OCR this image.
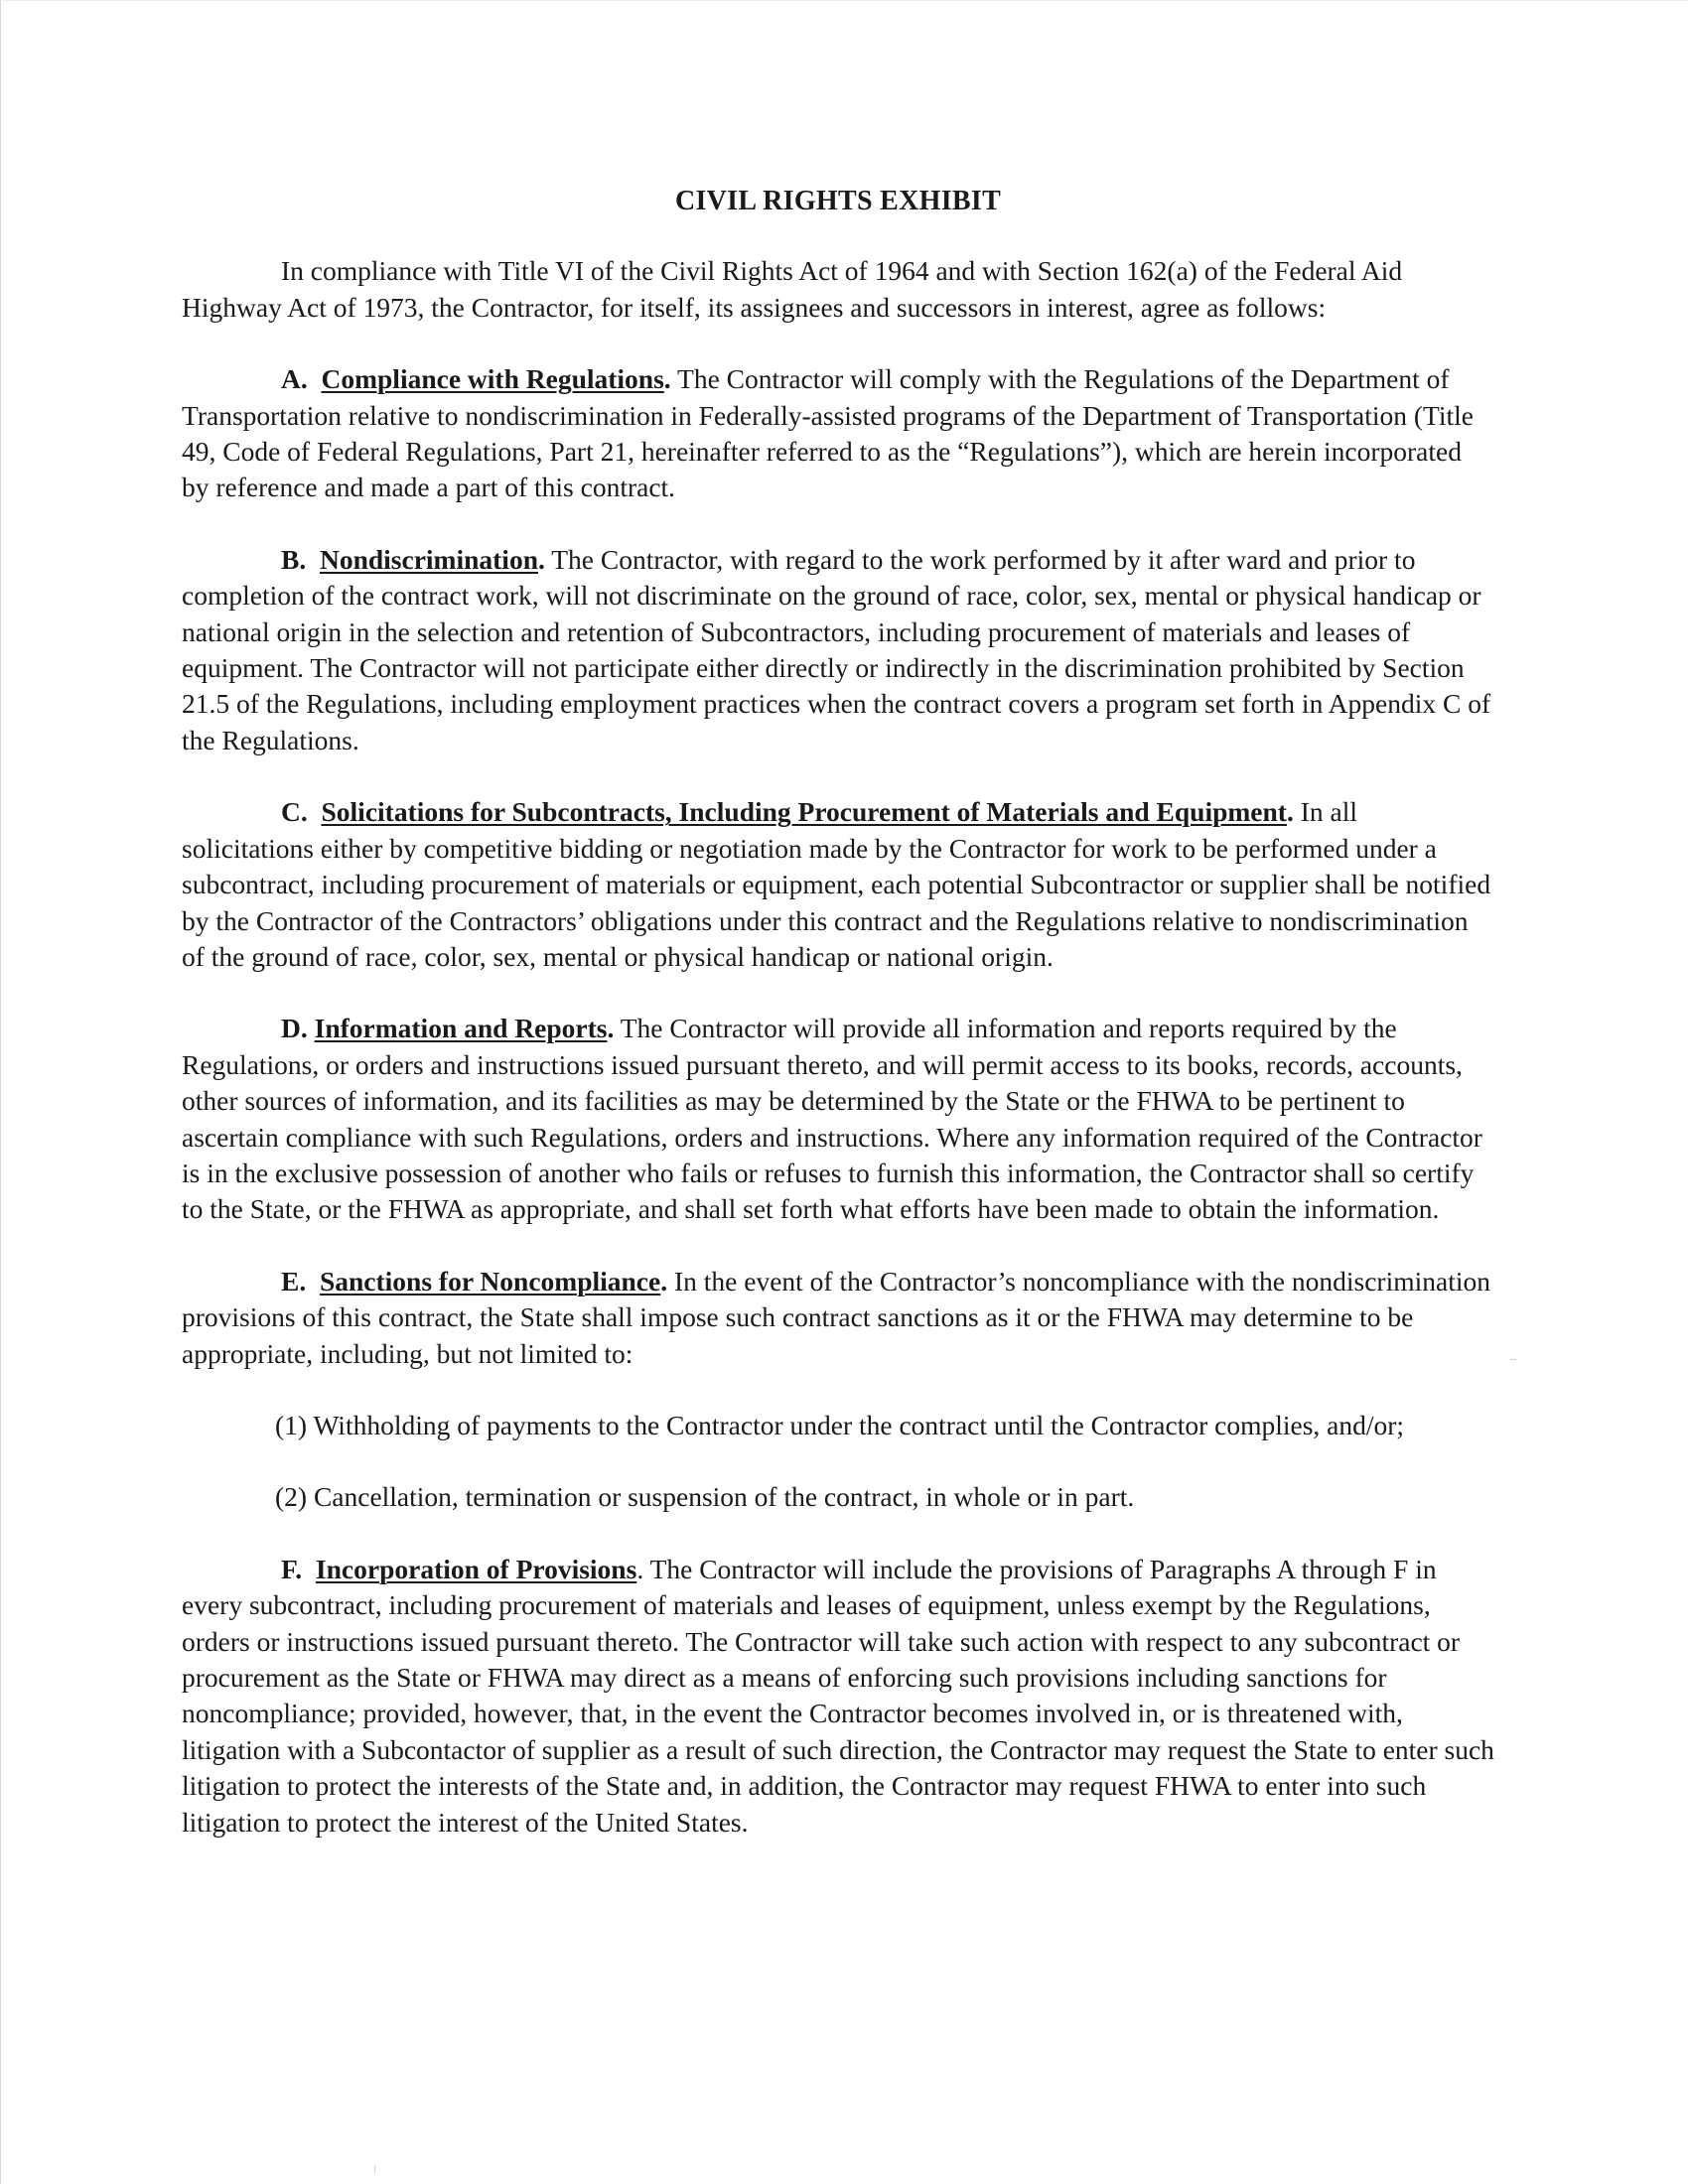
CIVIL RIGHTS EXHIBIT

In compliance with Title VI of the Civil Rights Act of 1964 and with Section 162(a) of the Federal Aid Highway Act of 1973, the Contractor, for itself, its assignees and successors in interest, agree as follows:

A. Compliance with Regulations. The Contractor will comply with the Regulations of the Department of Transportation relative to nondiscrimination in Federally-assisted programs of the Department of Transportation (Title 49, Code of Federal Regulations, Part 21, hereinafter referred to as the “Regulations”), which are herein incorporated by reference and made a part of this contract.

B. Nondiscrimination. The Contractor, with regard to the work performed by it after ward and prior to completion of the contract work, will not discriminate on the ground of race, color, sex, mental or physical handicap or national origin in the selection and retention of Subcontractors, including procurement of materials and leases of equipment. The Contractor will not participate either directly or indirectly in the discrimination prohibited by Section 21.5 of the Regulations, including employment practices when the contract covers a program set forth in Appendix C of the Regulations.

C. Solicitations for Subcontracts, Including Procurement of Materials and Equipment. In all solicitations either by competitive bidding or negotiation made by the Contractor for work to be performed under a subcontract, including procurement of materials or equipment, each potential Subcontractor or supplier shall be notified by the Contractor of the Contractors’ obligations under this contract and the Regulations relative to nondiscrimination of the ground of race, color, sex, mental or physical handicap or national origin.

D. Information and Reports. The Contractor will provide all information and reports required by the Regulations, or orders and instructions issued pursuant thereto, and will permit access to its books, records, accounts, other sources of information, and its facilities as may be determined by the State or the FHWA to be pertinent to ascertain compliance with such Regulations, orders and instructions. Where any information required of the Contractor is in the exclusive possession of another who fails or refuses to furnish this information, the Contractor shall so certify to the State, or the FHWA as appropriate, and shall set forth what efforts have been made to obtain the information.

E. Sanctions for Noncompliance. In the event of the Contractor’s noncompliance with the nondiscrimination provisions of this contract, the State shall impose such contract sanctions as it or the FHWA may determine to be appropriate, including, but not limited to:

(1) Withholding of payments to the Contractor under the contract until the Contractor complies, and/or;

(2) Cancellation, termination or suspension of the contract, in whole or in part.

F. Incorporation of Provisions. The Contractor will include the provisions of Paragraphs A through F in every subcontract, including procurement of materials and leases of equipment, unless exempt by the Regulations, orders or instructions issued pursuant thereto. The Contractor will take such action with respect to any subcontract or procurement as the State or FHWA may direct as a means of enforcing such provisions including sanctions for noncompliance; provided, however, that, in the event the Contractor becomes involved in, or is threatened with, litigation with a Subcontactor of supplier as a result of such direction, the Contractor may request the State to enter such litigation to protect the interests of the State and, in addition, the Contractor may request FHWA to enter into such litigation to protect the interest of the United States.
